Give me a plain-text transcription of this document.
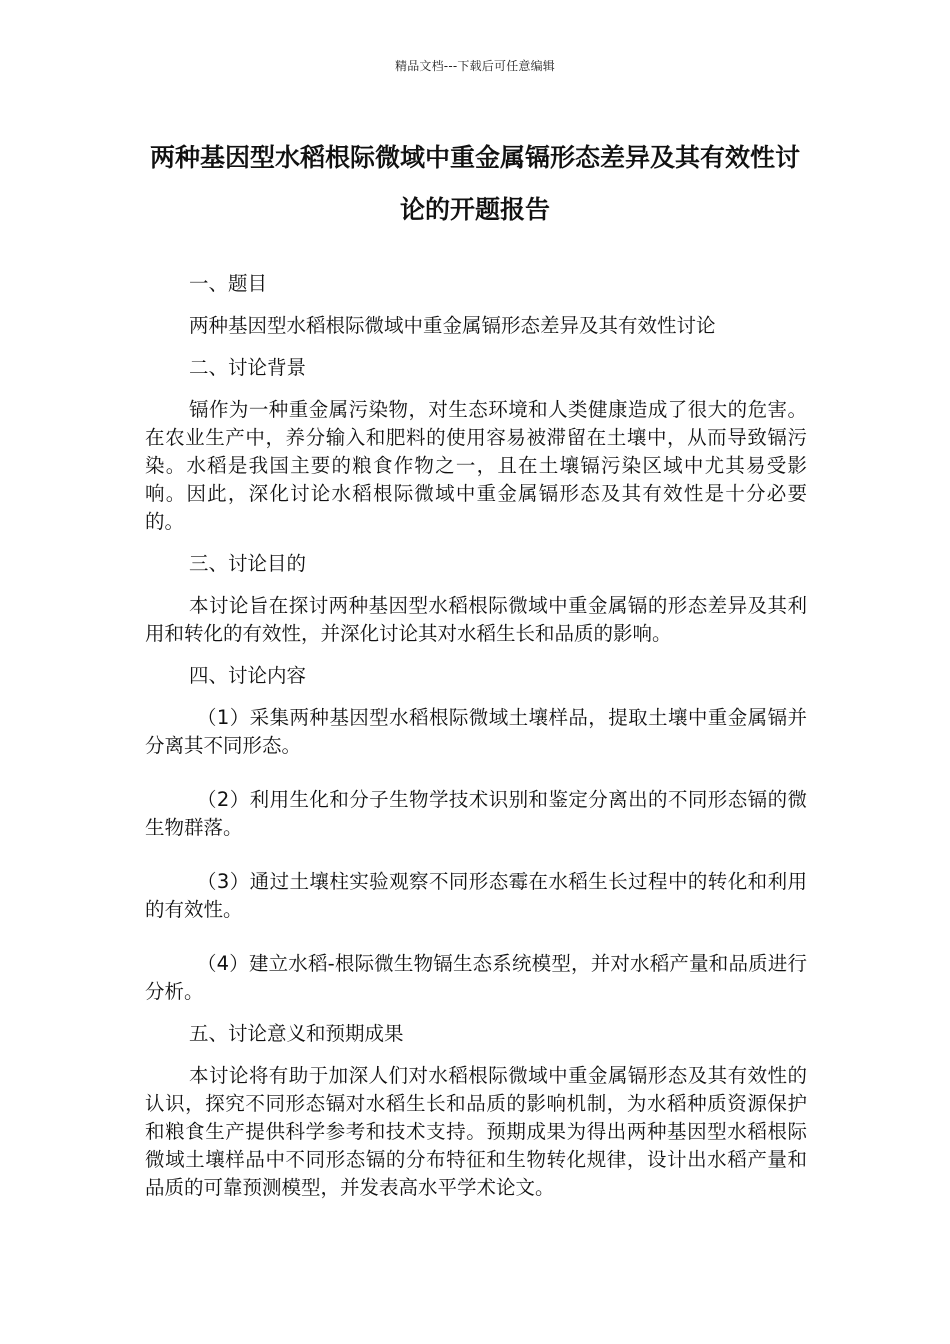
精品文档---下载后可任意编辑
两种基因型水稻根际微域中重金属镉形态差异及其有效性讨论的开题报告

一、题目

两种基因型水稻根际微域中重金属镉形态差异及其有效性讨论

二、讨论背景

镉作为一种重金属污染物，对生态环境和人类健康造成了很大的危害。在农业生产中，养分输入和肥料的使用容易被滞留在土壤中，从而导致镉污染。水稻是我国主要的粮食作物之一，且在土壤镉污染区域中尤其易受影响。因此，深化讨论水稻根际微域中重金属镉形态及其有效性是十分必要的。

三、讨论目的

本讨论旨在探讨两种基因型水稻根际微域中重金属镉的形态差异及其利用和转化的有效性，并深化讨论其对水稻生长和品质的影响。

四、讨论内容

（1）采集两种基因型水稻根际微域土壤样品，提取土壤中重金属镉并分离其不同形态。

（2）利用生化和分子生物学技术识别和鉴定分离出的不同形态镉的微生物群落。

（3）通过土壤柱实验观察不同形态霉在水稻生长过程中的转化和利用的有效性。

（4）建立水稻-根际微生物镉生态系统模型，并对水稻产量和品质进行分析。

五、讨论意义和预期成果

本讨论将有助于加深人们对水稻根际微域中重金属镉形态及其有效性的认识，探究不同形态镉对水稻生长和品质的影响机制，为水稻种质资源保护和粮食生产提供科学参考和技术支持。预期成果为得出两种基因型水稻根际微域土壤样品中不同形态镉的分布特征和生物转化规律，设计出水稻产量和品质的可靠预测模型，并发表高水平学术论文。
